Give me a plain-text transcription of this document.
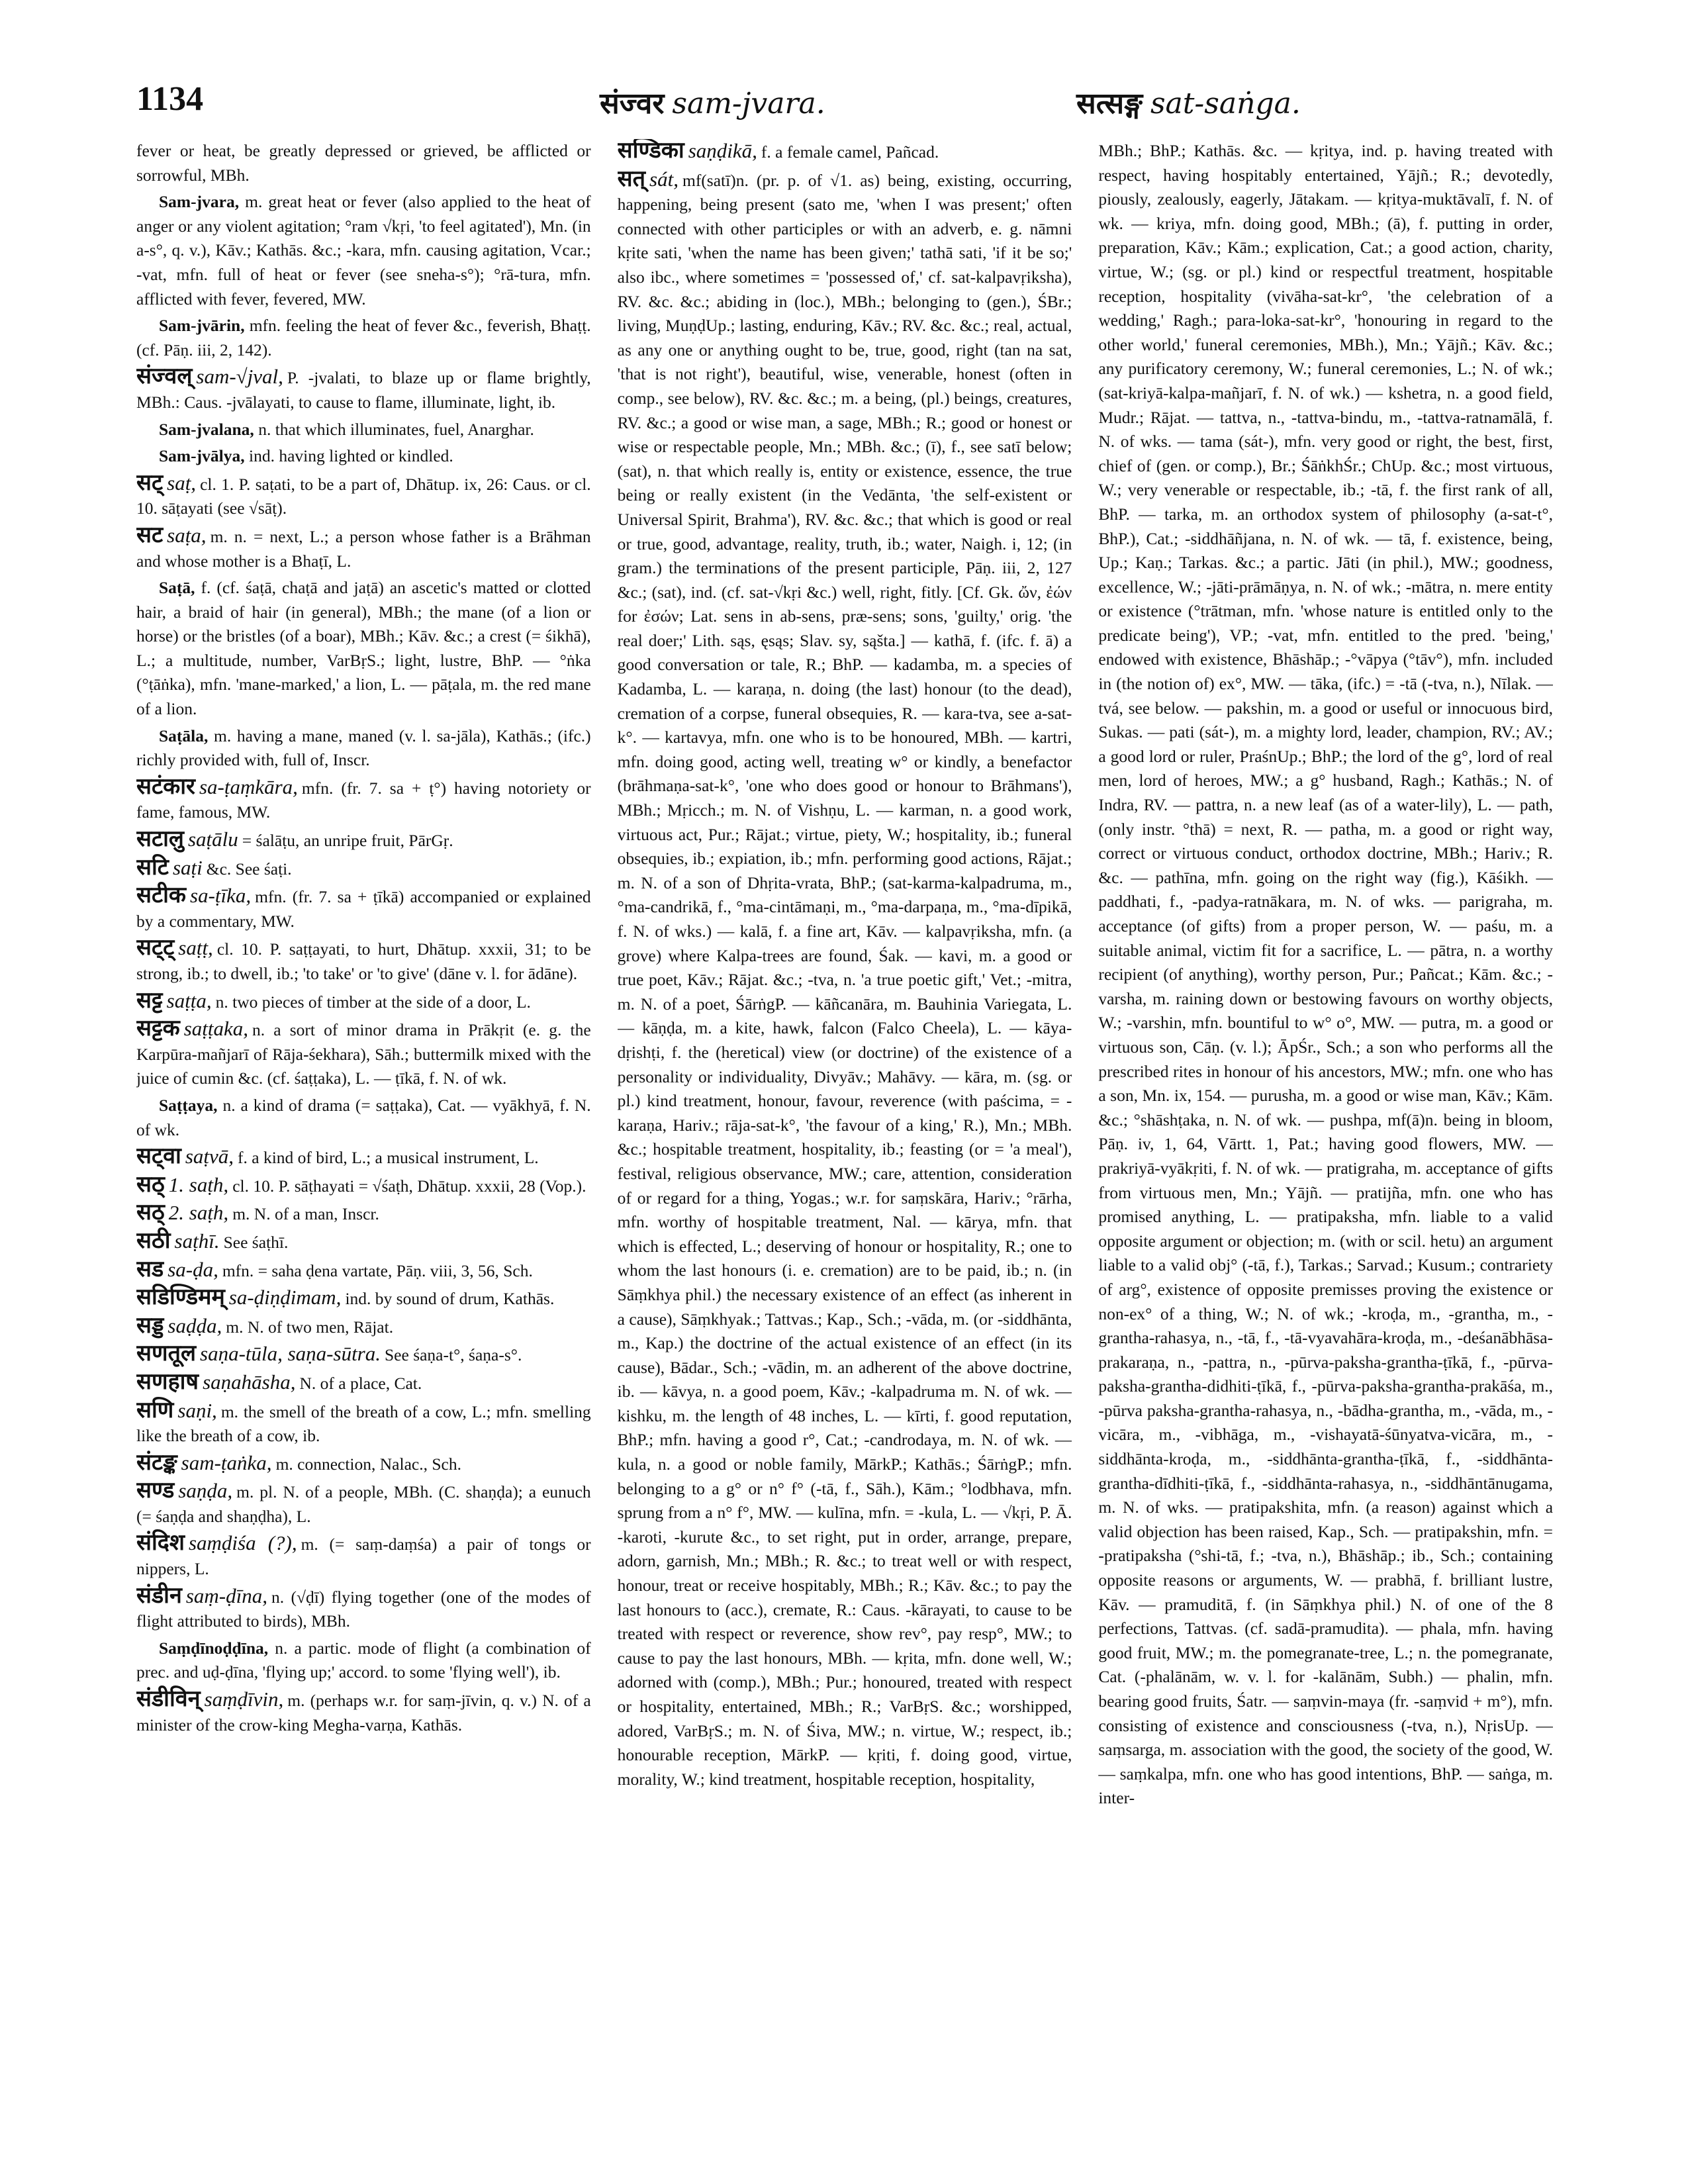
1134	संज्वर sam-jvara.	सत्सङ्ग sat-saṅga.

fever or heat, be greatly depressed or grieved, be afflicted or sorrowful, MBh.

Sam-jvara, m. great heat or fever (also applied to the heat of anger or any violent agitation; °ram √kṛi, 'to feel agitated'), Mn. (in a-s°, q. v.), Kāv.; Kathās. &c.; -kara, mfn. causing agitation, Vcar.; -vat, mfn. full of heat or fever (see sneha-s°); °rā-tura, mfn. afflicted with fever, fevered, MW.

Sam-jvārin, mfn. feeling the heat of fever &c., feverish, Bhaṭṭ. (cf. Pāṇ. iii, 2, 142).

संज्वल् sam-√jval, P. -jvalati, to blaze up or flame brightly, MBh.: Caus. -jvālayati, to cause to flame, illuminate, light, ib.

Sam-jvalana, n. that which illuminates, fuel, Anarghar.

Sam-jvālya, ind. having lighted or kindled.

सट् saṭ, cl. 1. P. saṭati, to be a part of, Dhātup. ix, 26: Caus. or cl. 10. sāṭayati (see √sāṭ).

सट saṭa, m. n. = next, L.; a person whose father is a Brāhman and whose mother is a Bhaṭī, L.

Saṭā, f. (cf. śaṭā, chaṭā and jaṭā) an ascetic's matted or clotted hair, a braid of hair (in general), MBh.; the mane (of a lion or horse) or the bristles (of a boar), MBh.; Kāv. &c.; a crest (= śikhā), L.; a multitude, number, VarBṛS.; light, lustre, BhP. — °ṅka (°ṭāṅka), mfn. 'mane-marked,' a lion, L. — pāṭala, m. the red mane of a lion.

Saṭāla, m. having a mane, maned (v. l. sa-jāla), Kathās.; (ifc.) richly provided with, full of, Inscr.

सटंकार sa-ṭaṃkāra, mfn. (fr. 7. sa + ṭ°) having notoriety or fame, famous, MW.

सटालु saṭālu = śalāṭu, an unripe fruit, PārGṛ.

सटि saṭi &c. See śaṭi.

सटीक sa-ṭīka, mfn. (fr. 7. sa + ṭīkā) accompanied or explained by a commentary, MW.

सट्ट् saṭṭ, cl. 10. P. saṭṭayati, to hurt, Dhātup. xxxii, 31; to be strong, ib.; to dwell, ib.; 'to take' or 'to give' (dāne v. l. for ādāne).

सट्ट saṭṭa, n. two pieces of timber at the side of a door, L.

सट्टक saṭṭaka, n. a sort of minor drama in Prākṛit (e. g. the Karpūra-mañjarī of Rāja-śekhara), Sāh.; buttermilk mixed with the juice of cumin &c. (cf. śaṭṭaka), L. — ṭīkā, f. N. of wk.

Saṭṭaya, n. a kind of drama (= saṭṭaka), Cat. — vyākhyā, f. N. of wk.

सट्वा saṭvā, f. a kind of bird, L.; a musical instrument, L.

सठ् 1. saṭh, cl. 10. P. sāṭhayati = √śaṭh, Dhātup. xxxii, 28 (Vop.).

सठ् 2. saṭh, m. N. of a man, Inscr.

सठी saṭhī. See śaṭhī.

सड sa-ḍa, mfn. = saha ḍena vartate, Pāṇ. viii, 3, 56, Sch.

सडिण्डिमम् sa-ḍiṇḍimam, ind. by sound of drum, Kathās.

सड्ड saḍḍa, m. N. of two men, Rājat.

सणतूल saṇa-tūla, saṇa-sūtra. See śaṇa-t°, śaṇa-s°.

सणहाष saṇahāsha, N. of a place, Cat.

सणि saṇi, m. the smell of the breath of a cow, L.; mfn. smelling like the breath of a cow, ib.

संटङ्क sam-ṭaṅka, m. connection, Nalac., Sch.

सण्ड saṇḍa, m. pl. N. of a people, MBh. (C. shaṇḍa); a eunuch (= śaṇḍa and shaṇḍha), L.

संदिश saṃḍiśa (?), m. (= saṃ-daṃśa) a pair of tongs or nippers, L.

संडीन saṃ-ḍīna, n. (√ḍī) flying together (one of the modes of flight attributed to birds), MBh.

Saṃḍīnoḍḍīna, n. a partic. mode of flight (a combination of prec. and uḍ-ḍīna, 'flying up;' accord. to some 'flying well'), ib.

संडीविन् saṃḍīvin, m. (perhaps w.r. for saṃ-jīvin, q. v.) N. of a minister of the crow-king Megha-varṇa, Kathās.

सण्डिका saṇḍikā, f. a female camel, Pañcad.

सत् sát, mf(satī)n. (pr. p. of √1. as) being, existing, occurring, happening, being present (sato me, 'when I was present;' often connected with other participles or with an adverb, e. g. nāmni kṛite sati, 'when the name has been given;' tathā sati, 'if it be so;' also ibc., where sometimes = 'possessed of,' cf. sat-kalpavṛiksha), RV. &c. &c.; abiding in (loc.), MBh.; belonging to (gen.), ŚBr.; living, MuṇḍUp.; lasting, enduring, Kāv.; RV. &c. &c.; real, actual, as any one or anything ought to be, true, good, right (tan na sat, 'that is not right'), beautiful, wise, venerable, honest (often in comp., see below), RV. &c. &c.; m. a being, (pl.) beings, creatures, RV. &c.; a good or wise man, a sage, MBh.; R.; good or honest or wise or respectable people, Mn.; MBh. &c.; (ī), f., see satī below; (sat), n. that which really is, entity or existence, essence, the true being or really existent (in the Vedānta, 'the self-existent or Universal Spirit, Brahma'), RV. &c. &c.; that which is good or real or true, good, advantage, reality, truth, ib.; water, Naigh. i, 12; (in gram.) the terminations of the present participle, Pāṇ. iii, 2, 127 &c.; (sat), ind. (cf. sat-√kṛi &c.) well, right, fitly. [Cf. Gk. ὤν, ἐών for ἐσών; Lat. sens in ab-sens, præ-sens; sons, 'guilty,' orig. 'the real doer;' Lith. sąs, ęsąs; Slav. sy, sąšta.] — kathā, f. (ifc. f. ā) a good conversation or tale, R.; BhP. — kadamba, m. a species of Kadamba, L. — karaṇa, n. doing (the last) honour (to the dead), cremation of a corpse, funeral obsequies, R. — kara-tva, see a-sat-k°. — kartavya, mfn. one who is to be honoured, MBh. — kartri, mfn. doing good, acting well, treating w° or kindly, a benefactor (brāhmaṇa-sat-k°, 'one who does good or honour to Brāhmans'), MBh.; Mṛicch.; m. N. of Vishṇu, L. — karman, n. a good work, virtuous act, Pur.; Rājat.; virtue, piety, W.; hospitality, ib.; funeral obsequies, ib.; expiation, ib.; mfn. performing good actions, Rājat.; m. N. of a son of Dhṛita-vrata, BhP.; (sat-karma-kalpadruma, m., °ma-candrikā, f., °ma-cintāmaṇi, m., °ma-darpaṇa, m., °ma-dīpikā, f. N. of wks.) — kalā, f. a fine art, Kāv. — kalpavṛiksha, mfn. (a grove) where Kalpa-trees are found, Śak. — kavi, m. a good or true poet, Kāv.; Rājat. &c.; -tva, n. 'a true poetic gift,' Vet.; -mitra, m. N. of a poet, ŚārṅgP. — kāñcanāra, m. Bauhinia Variegata, L. — kāṇḍa, m. a kite, hawk, falcon (Falco Cheela), L. — kāya-dṛishṭi, f. the (heretical) view (or doctrine) of the existence of a personality or individuality, Divyāv.; Mahāvy. — kāra, m. (sg. or pl.) kind treatment, honour, favour, reverence (with paścima, = -karaṇa, Hariv.; rāja-sat-k°, 'the favour of a king,' R.), Mn.; MBh. &c.; hospitable treatment, hospitality, ib.; feasting (or = 'a meal'), festival, religious observance, MW.; care, attention, consideration of or regard for a thing, Yogas.; w.r. for saṃskāra, Hariv.; °rārha, mfn. worthy of hospitable treatment, Nal. — kārya, mfn. that which is effected, L.; deserving of honour or hospitality, R.; one to whom the last honours (i. e. cremation) are to be paid, ib.; n. (in Sāṃkhya phil.) the necessary existence of an effect (as inherent in a cause), Sāṃkhyak.; Tattvas.; Kap., Sch.; -vāda, m. (or -siddhānta, m., Kap.) the doctrine of the actual existence of an effect (in its cause), Bādar., Sch.; -vādin, m. an adherent of the above doctrine, ib. — kāvya, n. a good poem, Kāv.; -kalpadruma m. N. of wk. — kishku, m. the length of 48 inches, L. — kīrti, f. good reputation, BhP.; mfn. having a good r°, Cat.; -candrodaya, m. N. of wk. — kula, n. a good or noble family, MārkP.; Kathās.; ŚārṅgP.; mfn. belonging to a g° or n° f° (-tā, f., Sāh.), Kām.; °lodbhava, mfn. sprung from a n° f°, MW. — kulīna, mfn. = -kula, L. — √kṛi, P. Ā. -karoti, -kurute &c., to set right, put in order, arrange, prepare, adorn, garnish, Mn.; MBh.; R. &c.; to treat well or with respect, honour, treat or receive hospitably, MBh.; R.; Kāv. &c.; to pay the last honours to (acc.), cremate, R.: Caus. -kārayati, to cause to be treated with respect or reverence, show rev°, pay resp°, MW.; to cause to pay the last honours, MBh. — kṛita, mfn. done well, W.; adorned with (comp.), MBh.; Pur.; honoured, treated with respect or hospitality, entertained, MBh.; R.; VarBṛS. &c.; worshipped, adored, VarBṛS.; m. N. of Śiva, MW.; n. virtue, W.; respect, ib.; honourable reception, MārkP. — kṛiti, f. doing good, virtue, morality, W.; kind treatment, hospitable reception, hospitality,

MBh.; BhP.; Kathās. &c. — kṛitya, ind. p. having treated with respect, having hospitably entertained, Yājñ.; R.; devotedly, piously, zealously, eagerly, Jātakam. — kṛitya-muktāvalī, f. N. of wk. — kriya, mfn. doing good, MBh.; (ā), f. putting in order, preparation, Kāv.; Kām.; explication, Cat.; a good action, charity, virtue, W.; (sg. or pl.) kind or respectful treatment, hospitable reception, hospitality (vivāha-sat-kr°, 'the celebration of a wedding,' Ragh.; para-loka-sat-kr°, 'honouring in regard to the other world,' funeral ceremonies, MBh.), Mn.; Yājñ.; Kāv. &c.; any purificatory ceremony, W.; funeral ceremonies, L.; N. of wk.; (sat-kriyā-kalpa-mañjarī, f. N. of wk.) — kshetra, n. a good field, Mudr.; Rājat. — tattva, n., -tattva-bindu, m., -tattva-ratnamālā, f. N. of wks. — tama (sát-), mfn. very good or right, the best, first, chief of (gen. or comp.), Br.; ŚāṅkhŚr.; ChUp. &c.; most virtuous, W.; very venerable or respectable, ib.; -tā, f. the first rank of all, BhP. — tarka, m. an orthodox system of philosophy (a-sat-t°, BhP.), Cat.; -siddhāñjana, n. N. of wk. — tā, f. existence, being, Up.; Kaṇ.; Tarkas. &c.; a partic. Jāti (in phil.), MW.; goodness, excellence, W.; -jāti-prāmāṇya, n. N. of wk.; -mātra, n. mere entity or existence (°trātman, mfn. 'whose nature is entitled only to the predicate being'), VP.; -vat, mfn. entitled to the pred. 'being,' endowed with existence, Bhāshāp.; -°vāpya (°tāv°), mfn. included in (the notion of) ex°, MW. — tāka, (ifc.) = -tā (-tva, n.), Nīlak. — tvá, see below. — pakshin, m. a good or useful or innocuous bird, Sukas. — pati (sát-), m. a mighty lord, leader, champion, RV.; AV.; a good lord or ruler, PraśnUp.; BhP.; the lord of the g°, lord of real men, lord of heroes, MW.; a g° husband, Ragh.; Kathās.; N. of Indra, RV. — pattra, n. a new leaf (as of a water-lily), L. — path, (only instr. °thā) = next, R. — patha, m. a good or right way, correct or virtuous conduct, orthodox doctrine, MBh.; Hariv.; R. &c. — pathīna, mfn. going on the right way (fig.), Kāśikh. — paddhati, f., -padya-ratnākara, m. N. of wks. — parigraha, m. acceptance (of gifts) from a proper person, W. — paśu, m. a suitable animal, victim fit for a sacrifice, L. — pātra, n. a worthy recipient (of anything), worthy person, Pur.; Pañcat.; Kām. &c.; -varsha, m. raining down or bestowing favours on worthy objects, W.; -varshin, mfn. bountiful to w° o°, MW. — putra, m. a good or virtuous son, Cāṇ. (v. l.); ĀpŚr., Sch.; a son who performs all the prescribed rites in honour of his ancestors, MW.; mfn. one who has a son, Mn. ix, 154. — purusha, m. a good or wise man, Kāv.; Kām. &c.; °shāshṭaka, n. N. of wk. — pushpa, mf(ā)n. being in bloom, Pāṇ. iv, 1, 64, Vārtt. 1, Pat.; having good flowers, MW. — prakriyā-vyākṛiti, f. N. of wk. — pratigraha, m. acceptance of gifts from virtuous men, Mn.; Yājñ. — pratijña, mfn. one who has promised anything, L. — pratipaksha, mfn. liable to a valid opposite argument or objection; m. (with or scil. hetu) an argument liable to a valid obj° (-tā, f.), Tarkas.; Sarvad.; Kusum.; contrariety of arg°, existence of opposite premisses proving the existence or non-ex° of a thing, W.; N. of wk.; -kroḍa, m., -grantha, m., -grantha-rahasya, n., -tā, f., -tā-vyavahāra-kroḍa, m., -deśanābhāsa-prakaraṇa, n., -pattra, n., -pūrva-paksha-grantha-ṭīkā, f., -pūrva-paksha-grantha-didhiti-ṭīkā, f., -pūrva-paksha-grantha-prakāśa, m., -pūrva paksha-grantha-rahasya, n., -bādha-grantha, m., -vāda, m., -vicāra, m., -vibhāga, m., -vishayatā-śūnyatva-vicāra, m., -siddhānta-kroḍa, m., -siddhānta-grantha-ṭīkā, f., -siddhānta-grantha-dīdhiti-ṭīkā, f., -siddhānta-rahasya, n., -siddhāntānugama, m. N. of wks. — pratipakshita, mfn. (a reason) against which a valid objection has been raised, Kap., Sch. — pratipakshin, mfn. = -pratipaksha (°shi-tā, f.; -tva, n.), Bhāshāp.; ib., Sch.; containing opposite reasons or arguments, W. — prabhā, f. brilliant lustre, Kāv. — pramuditā, f. (in Sāṃkhya phil.) N. of one of the 8 perfections, Tattvas. (cf. sadā-pramudita). — phala, mfn. having good fruit, MW.; m. the pomegranate-tree, L.; n. the pomegranate, Cat. (-phalānām, w. v. l. for -kalānām, Subh.) — phalin, mfn. bearing good fruits, Śatr. — saṃvin-maya (fr. -saṃvid + m°), mfn. consisting of existence and consciousness (-tva, n.), NṛisUp. — saṃsarga, m. association with the good, the society of the good, W. — saṃkalpa, mfn. one who has good intentions, BhP. — saṅga, m. inter-
